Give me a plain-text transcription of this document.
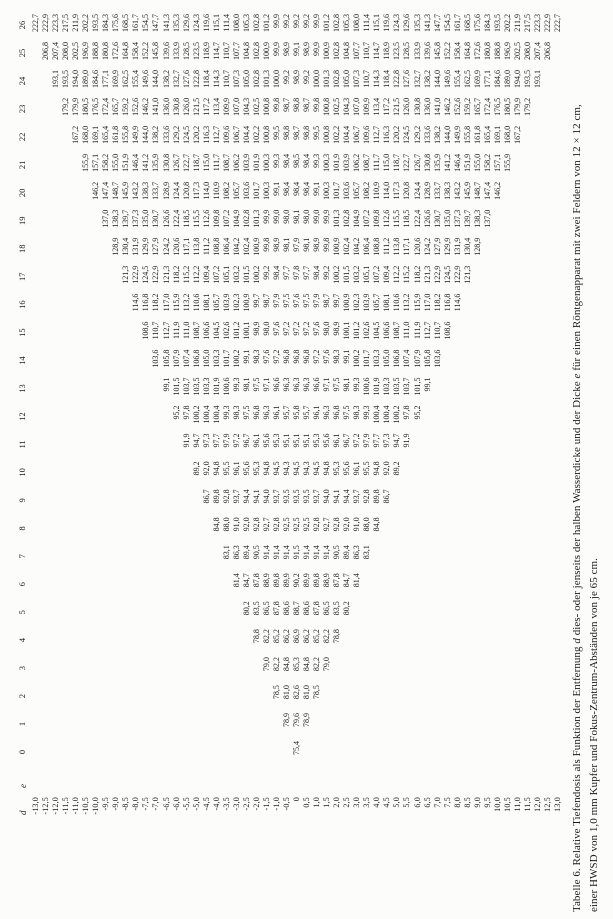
d
e
0
1
2
3
4
5
6
7
8
9
10
11
12
13
14
15
16
17
18
19
20
21
22
23
24
25
26
-13,0
222,7
-12,5
206,8
222,9
-12,0
193,1
207,4
223,3
-11,5
179,2
193,5
208,0
217,5
-11,0
167,2
179,9
194,0
202,5
211,9
-10,5
155,9
168,0
180,5
189,0
196,9
202,2
-10,0
146,2
157,1
169,1
176,5
184,6
188,8
193,5
-9,5
137,0
147,4
158,2
165,4
172,4
177,1
180,8
184,3
-9,0
128,9
138,3
148,7
155,0
161,8
165,7
169,9
172,6
175,6
-8,5
121,3
130,4
139,7
145,9
151,9
155,8
159,2
162,5
164,8
168,5
-8,0
114,6
122,9
131,9
137,3
143,2
146,4
149,9
152,6
155,4
158,4
161,7
-7,5
108,6
116,8
124,5
129,9
135,0
138,3
141,2
144,0
146,2
149,6
152,2
154,5
-7,0
103,6
110,7
118,2
122,9
127,9
130,7
133,7
135,9
138,2
141,0
144,0
145,8
147,7
-6,5
99,1
105,8
112,7
117,0
121,3
124,2
126,6
128,9
130,8
133,6
136,0
138,2
139,6
141,3
-6,0
95,2
101,5
107,9
111,9
115,9
118,2
120,6
122,4
124,4
126,7
129,2
130,8
132,7
133,9
135,3
-5,5
91,9
97,8
103,7
107,4
111,0
113,2
115,2
117,1
118,5
120,8
122,7
124,5
126,0
127,6
128,5
129,6
-5,0
89,2
94,7
100,2
103,5
106,8
108,7
110,6
112,2
113,8
115,5
117,3
118,7
120,2
121,5
122,8
123,5
124,3
-4,5
86,7
92,0
97,3
100,4
103,3
105,0
106,6
108,1
109,4
111,2
112,6
114,0
115,0
116,3
117,2
118,4
118,9
119,6
-4,0
84,8
89,8
94,8
97,7
100,4
101,9
103,3
104,5
105,7
107,2
108,8
109,8
110,9
111,7
112,7
113,4
114,3
114,7
115,1
-3,5
83,1
88,0
92,8
95,5
97,9
99,3
100,6
101,7
102,6
103,9
105,1
106,4
107,2
108,2
108,7
109,6
109,9
110,7
110,7
111,4
-3,0
81,4
86,3
91,0
93,7
96,1
97,2
98,3
99,3
100,2
101,2
102,3
103,2
104,2
104,9
105,7
106,2
106,7
107,0
107,3
107,7
108,0
-2,5
80,2
84,7
89,4
92,0
94,4
95,6
96,7
97,5
98,1
99,1
100,1
100,9
101,5
102,4
102,8
103,6
103,9
104,4
104,3
105,0
104,8
105,3
-2,0
78,8
83,5
87,8
90,5
92,8
94,1
95,3
96,1
96,8
97,5
98,3
98,9
99,7
100,2
100,9
101,3
101,7
101,9
102,2
102,5
102,8
102,8
102,8
-1,5
79,0
82,2
86,5
88,9
91,4
92,7
94,0
94,8
95,6
96,3
97,1
97,6
98,0
98,7
99,2
99,8
99,9
100,3
100,3
100,8
100,8
101,3
100,9
101,2
-1,0
78,5
82,2
85,2
87,8
89,8
91,4
92,8
93,7
94,5
95,3
96,1
96,6
97,2
97,6
97,9
98,4
98,9
99,0
99,1
99,3
99,5
99,8
100,0
99,9
99,9
-0,5
78,9
81,0
84,8
86,2
88,6
89,9
91,4
92,5
93,5
94,3
95,1
95,7
96,3
96,8
97,2
97,5
97,7
98,1
98,0
98,4
98,4
98,8
98,7
99,2
98,9
99,2
0
75,4
79,6
82,6
85,3
86,9
88,7
90,2
91,5
92,5
93,5
94,5
95,1
95,8
96,3
96,8
97,2
97,6
97,8
97,9
98,1
98,4
98,5
98,7
98,8
98,9
99,1
99,2
0,5
78,9
81,0
84,8
86,2
88,6
89,9
91,4
92,5
93,5
94,3
95,1
95,7
96,3
96,8
97,2
97,5
97,7
98,1
98,0
98,4
98,4
98,8
98,7
99,2
98,9
99,2
1,0
78,5
82,2
85,2
87,8
89,8
91,4
92,8
93,7
94,5
95,3
96,1
96,6
97,2
97,6
97,9
98,4
98,9
99,0
99,1
99,3
99,5
99,8
100,0
99,9
99,9
1,5
79,0
82,2
86,5
88,9
91,4
92,7
94,0
94,8
95,6
96,3
97,1
97,6
98,0
98,7
99,2
99,8
99,9
100,3
100,3
100,8
100,8
101,3
100,9
101,2
2,0
78,8
83,5
87,8
90,5
92,8
94,1
95,3
96,1
96,8
97,5
98,3
98,9
99,7
100,2
100,9
101,3
101,7
101,9
102,2
102,5
102,8
102,8
102,8
2,5
80,2
84,7
89,4
92,0
94,4
95,6
96,7
97,5
98,1
99,1
100,1
100,9
101,5
102,4
102,8
103,6
103,9
104,4
104,3
105,0
104,8
105,3
3,0
81,4
86,3
91,0
93,7
96,1
97,2
98,3
99,3
100,2
101,2
102,3
103,2
104,2
104,9
105,7
106,2
106,7
107,0
107,3
107,7
108,0
3,5
83,1
88,0
92,8
95,5
97,9
99,3
100,6
101,7
102,6
103,9
105,1
106,4
107,2
108,2
108,7
109,6
109,9
110,7
110,7
111,4
4,0
84,8
89,8
94,8
97,7
100,4
101,9
103,3
104,5
105,7
107,2
108,8
109,8
110,9
111,7
112,7
113,4
114,3
114,7
115,1
4,5
86,7
92,0
97,3
100,4
103,3
105,0
106,6
108,1
109,4
111,2
112,6
114,0
115,0
116,3
117,2
118,4
118,9
119,6
5,0
89,2
94,7
100,2
103,5
106,8
108,7
110,6
112,2
113,8
115,5
117,3
118,7
120,2
121,5
122,8
123,5
124,3
5,5
91,9
97,8
103,7
107,4
111,0
113,2
115,2
117,1
118,5
120,8
122,7
124,5
126,0
127,6
128,5
129,6
6,0
95,2
101,5
107,9
111,9
115,9
118,2
120,6
122,4
124,4
126,7
129,2
130,8
132,7
133,9
135,3
6,5
99,1
105,8
112,7
117,0
121,3
124,2
126,6
128,9
130,8
133,6
136,0
138,2
139,6
141,3
7,0
103,6
110,7
118,2
122,9
127,9
130,7
133,7
135,9
138,2
141,0
144,0
145,8
147,7
7,5
108,6
116,8
124,5
129,9
135,0
138,3
141,2
144,0
146,2
149,6
152,2
154,5
8,0
114,6
122,9
131,9
137,3
143,2
146,4
149,9
152,6
155,4
158,4
161,7
8,5
121,3
130,4
139,7
145,9
151,9
155,8
159,2
162,5
164,8
168,5
9,0
128,9
138,3
148,7
155,0
161,8
165,7
169,9
172,6
175,6
9,5
137,0
147,4
158,2
165,4
172,4
177,1
180,8
184,3
10,0
146,2
157,1
169,1
176,5
184,6
188,8
193,5
10,5
155,9
168,0
180,5
189,0
196,9
202,2
11,0
167,2
179,9
194,0
202,5
211,9
11,5
179,2
193,5
208,0
217,5
12,0
193,1
207,4
223,3
12,5
206,8
222,9
13,0
222,7
Tabelle 6. Relative Tiefendosis als Funktion der Entfernung d dies- oder jenseits der halben Wasserdicke und der Dicke e für einen Röntgenapparat mit zwei Feldern von 12 × 12 cm,
einer HWSD von 1,0 mm Kupfer und Fokus-Zentrum-Abständen von je 65 cm.
